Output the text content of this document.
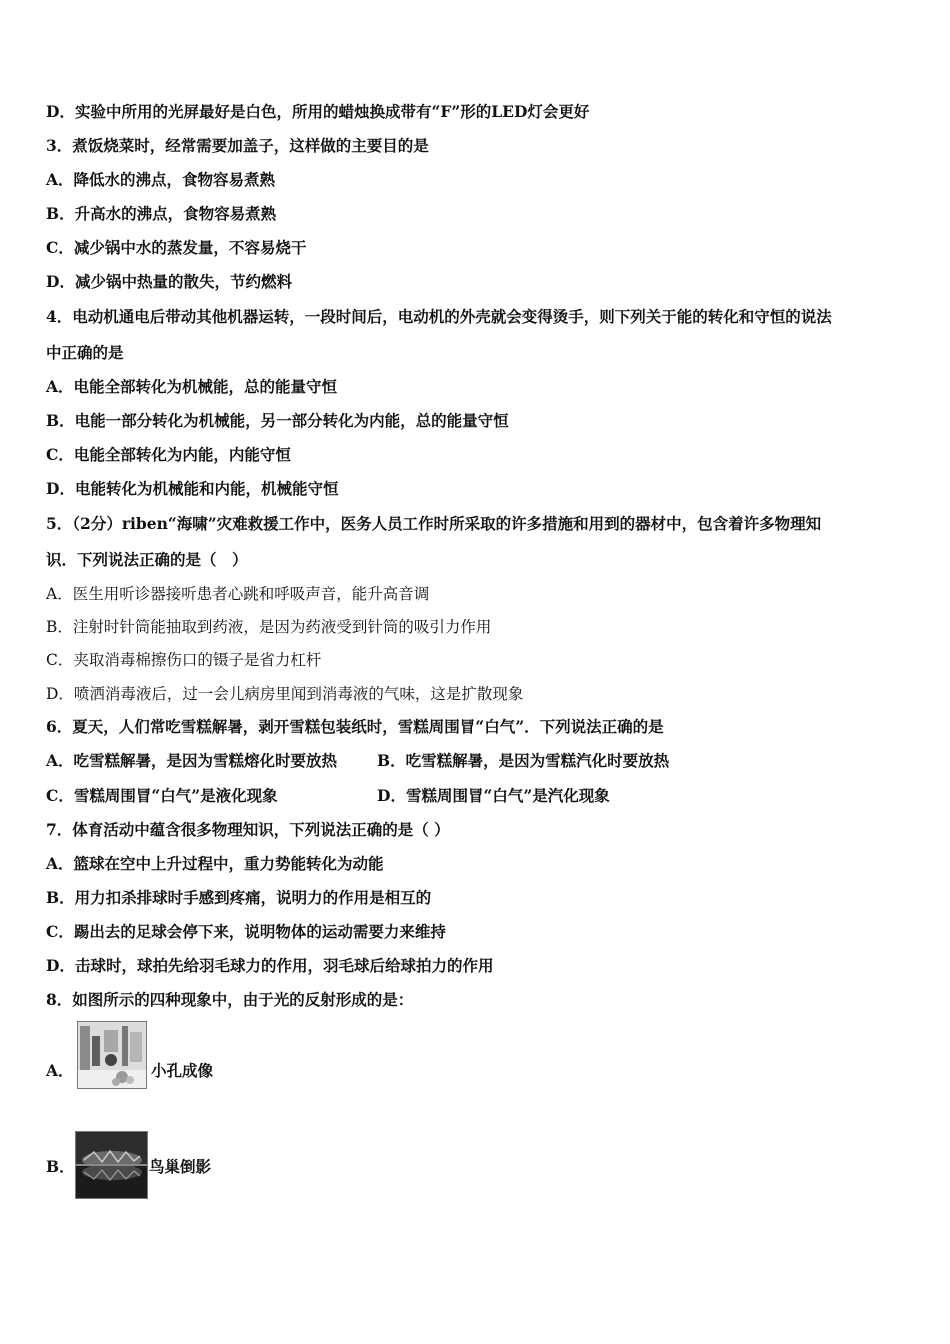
D．实验中所用的光屏最好是白色，所用的蜡烛换成带有“F”形的LED灯会更好
3．煮饭烧菜时，经常需要加盖子，这样做的主要目的是
A．降低水的沸点，食物容易煮熟
B．升高水的沸点，食物容易煮熟
C．减少锅中水的蒸发量，不容易烧干
D．减少锅中热量的散失，节约燃料
4．电动机通电后带动其他机器运转，一段时间后，电动机的外壳就会变得烫手，则下列关于能的转化和守恒的说法
中正确的是
A．电能全部转化为机械能，总的能量守恒
B．电能一部分转化为机械能，另一部分转化为内能，总的能量守恒
C．电能全部转化为内能，内能守恒
D．电能转化为机械能和内能，机械能守恒
5．（2分）riben“海啸”灾难救援工作中，医务人员工作时所采取的许多措施和用到的器材中，包含着许多物理知
识．下列说法正确的是（　）
A．医生用听诊器接听患者心跳和呼吸声音，能升高音调
B．注射时针筒能抽取到药液，是因为药液受到针筒的吸引力作用
C．夹取消毒棉擦伤口的镊子是省力杠杆
D．喷洒消毒液后，过一会儿病房里闻到消毒液的气味，这是扩散现象
6．夏天，人们常吃雪糕解暑，剥开雪糕包装纸时，雪糕周围冒“白气”．下列说法正确的是
A．吃雪糕解暑，是因为雪糕熔化时要放热	B．吃雪糕解暑，是因为雪糕汽化时要放热
C．雪糕周围冒“白气”是液化现象	D．雪糕周围冒“白气”是汽化现象
7．体育活动中蕴含很多物理知识，下列说法正确的是（ ）
A．篮球在空中上升过程中，重力势能转化为动能
B．用力扣杀排球时手感到疼痛，说明力的作用是相互的
C．踢出去的足球会停下来，说明物体的运动需要力来维持
D．击球时，球拍先给羽毛球力的作用，羽毛球后给球拍力的作用
8．如图所示的四种现象中，由于光的反射形成的是：
A．	小孔成像
B．	鸟巢倒影
